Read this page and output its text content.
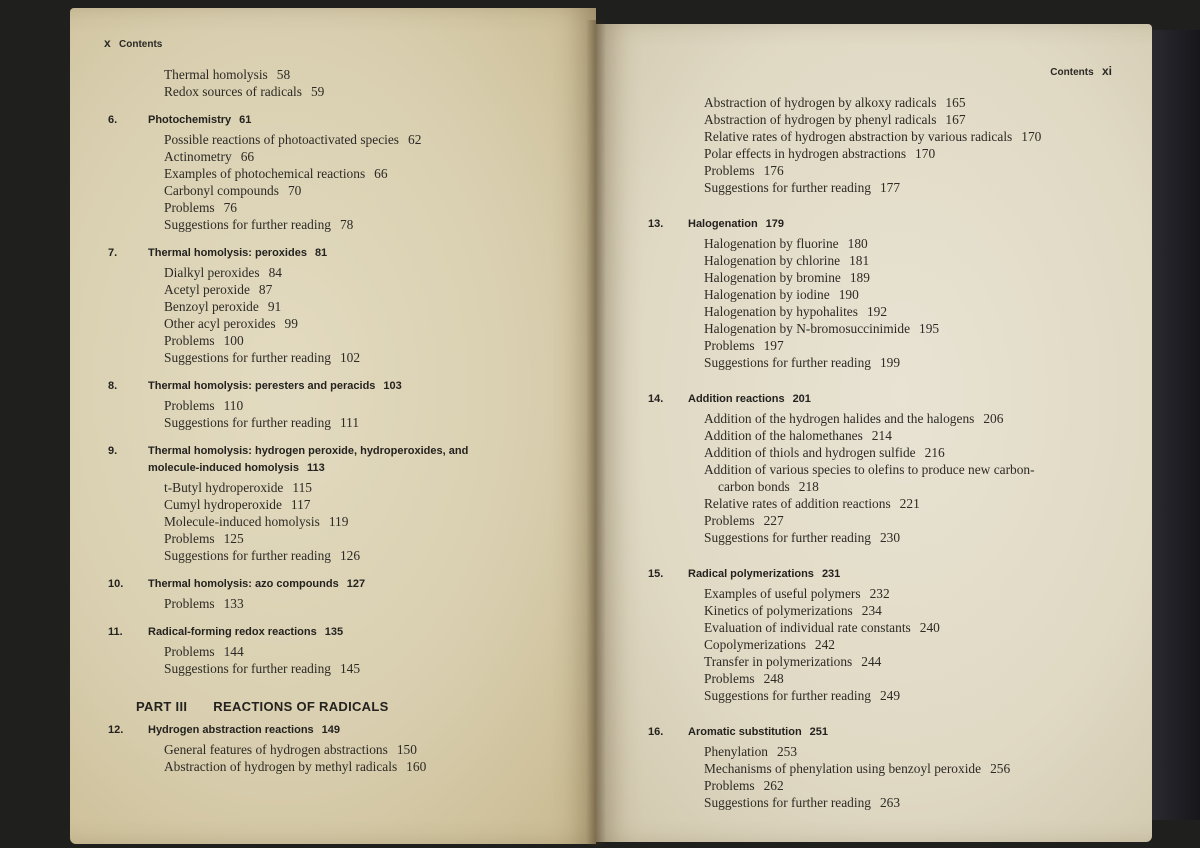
x Contents
Thermal homolysis 58
Redox sources of radicals 59
6.	Photochemistry 61
Possible reactions of photoactivated species 62
Actinometry 66
Examples of photochemical reactions 66
Carbonyl compounds 70
Problems 76
Suggestions for further reading 78
7.	Thermal homolysis: peroxides 81
Dialkyl peroxides 84
Acetyl peroxide 87
Benzoyl peroxide 91
Other acyl peroxides 99
Problems 100
Suggestions for further reading 102
8.	Thermal homolysis: peresters and peracids 103
Problems 110
Suggestions for further reading 111
9.	Thermal homolysis: hydrogen peroxide, hydroperoxides, and molecule-induced homolysis 113
t-Butyl hydroperoxide 115
Cumyl hydroperoxide 117
Molecule-induced homolysis 119
Problems 125
Suggestions for further reading 126
10. Thermal homolysis: azo compounds 127
Problems 133
11. Radical-forming redox reactions 135
Problems 144
Suggestions for further reading 145
PART III REACTIONS OF RADICALS
12. Hydrogen abstraction reactions 149
General features of hydrogen abstractions 150
Abstraction of hydrogen by methyl radicals 160
Contents xi
Abstraction of hydrogen by alkoxy radicals 165
Abstraction of hydrogen by phenyl radicals 167
Relative rates of hydrogen abstraction by various radicals 170
Polar effects in hydrogen abstractions 170
Problems 176
Suggestions for further reading 177
13. Halogenation 179
Halogenation by fluorine 180
Halogenation by chlorine 181
Halogenation by bromine 189
Halogenation by iodine 190
Halogenation by hypohalites 192
Halogenation by N-bromosuccinimide 195
Problems 197
Suggestions for further reading 199
14. Addition reactions 201
Addition of the hydrogen halides and the halogens 206
Addition of the halomethanes 214
Addition of thiols and hydrogen sulfide 216
Addition of various species to olefins to produce new carbon-carbon bonds 218
Relative rates of addition reactions 221
Problems 227
Suggestions for further reading 230
15. Radical polymerizations 231
Examples of useful polymers 232
Kinetics of polymerizations 234
Evaluation of individual rate constants 240
Copolymerizations 242
Transfer in polymerizations 244
Problems 248
Suggestions for further reading 249
16. Aromatic substitution 251
Phenylation 253
Mechanisms of phenylation using benzoyl peroxide 256
Problems 262
Suggestions for further reading 263
